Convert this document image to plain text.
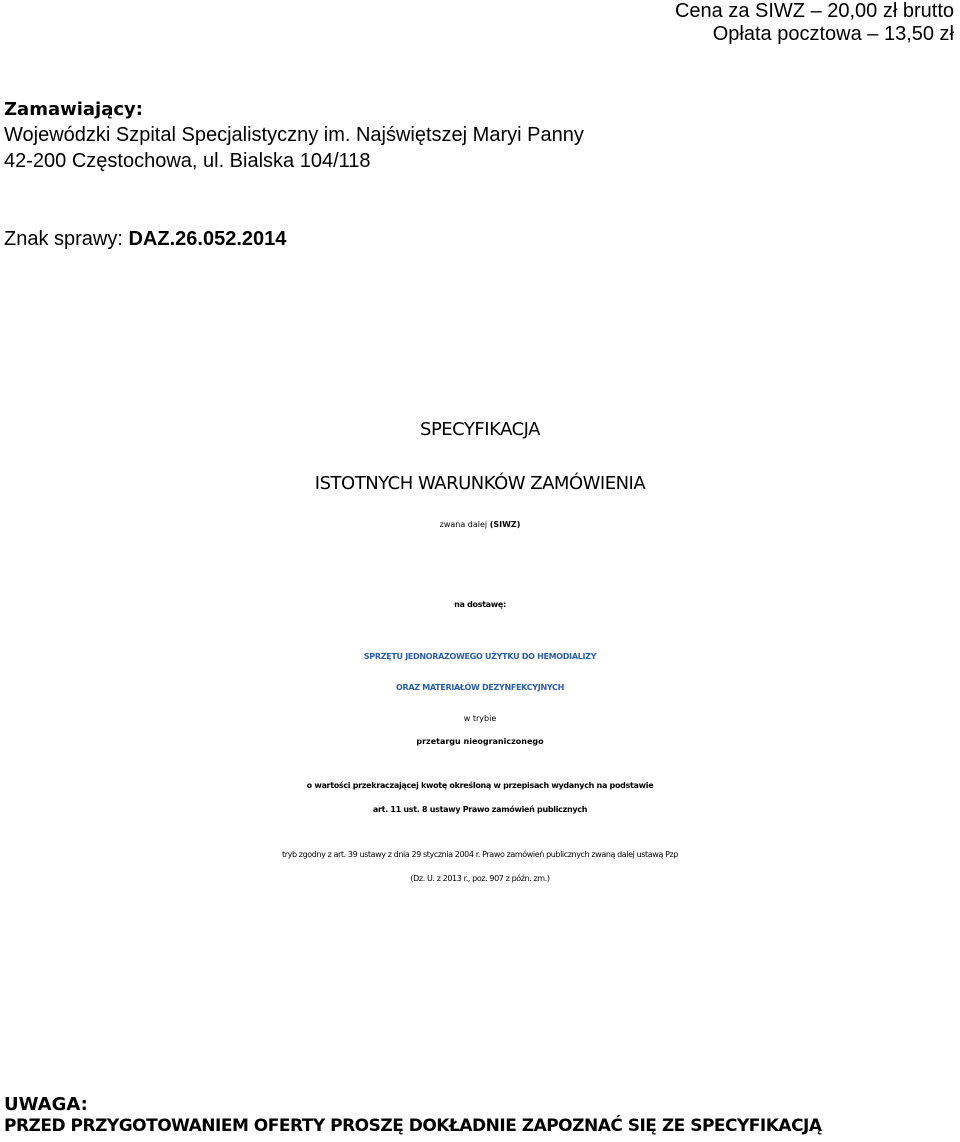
Cena za SIWZ – 20,00 zł brutto
Opłata pocztowa – 13,50 zł
Zamawiający:
Wojewódzki Szpital Specjalistyczny im. Najświętszej Maryi Panny
42-200 Częstochowa, ul. Bialska 104/118
Znak sprawy: DAZ.26.052.2014
SPECYFIKACJA
ISTOTNYCH WARUNKÓW ZAMÓWIENIA
zwana dalej (SIWZ)
na dostawę:
SPRZĘTU JEDNORAZOWEGO UŻYTKU DO HEMODIALIZY
ORAZ MATERIAŁÓW DEZYNFEKCYJNYCH
w trybie
przetargu nieograniczonego
o wartości przekraczającej kwotę określoną w przepisach wydanych na podstawie
art. 11 ust. 8 ustawy Prawo zamówień publicznych
tryb zgodny z art. 39 ustawy z dnia 29 stycznia 2004 r. Prawo zamówień publicznych zwaną dalej ustawą Pzp
(Dz. U. z 2013 r., poz. 907 z późn. zm.)
UWAGA:
PRZED PRZYGOTOWANIEM OFERTY PROSZĘ DOKŁADNIE ZAPOZNAĆ SIĘ ZE SPECYFIKACJĄ
